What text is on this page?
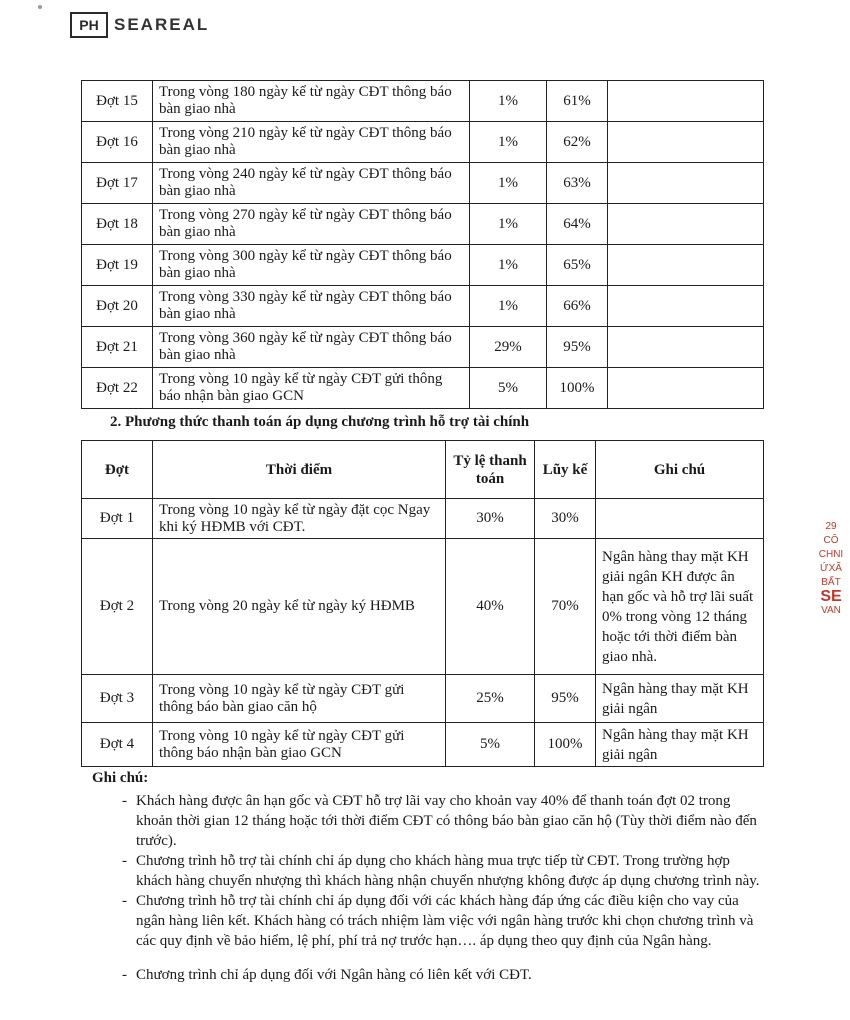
PH SEAREAL
Đợt 15	Trong vòng 180 ngày kể từ ngày CĐT thông báo bàn giao nhà	1%	61%	
Đợt 16	Trong vòng 210 ngày kể từ ngày CĐT thông báo bàn giao nhà	1%	62%	
Đợt 17	Trong vòng 240 ngày kể từ ngày CĐT thông báo bàn giao nhà	1%	63%	
Đợt 18	Trong vòng 270 ngày kể từ ngày CĐT thông báo bàn giao nhà	1%	64%	
Đợt 19	Trong vòng 300 ngày kể từ ngày CĐT thông báo bàn giao nhà	1%	65%	
Đợt 20	Trong vòng 330 ngày kể từ ngày CĐT thông báo bàn giao nhà	1%	66%	
Đợt 21	Trong vòng 360 ngày kể từ ngày CĐT thông báo bàn giao nhà	29%	95%	
Đợt 22	Trong vòng 10 ngày kể từ ngày CĐT gửi thông báo nhận bàn giao GCN	5%	100%	
2. Phương thức thanh toán áp dụng chương trình hỗ trợ tài chính
Đợt	Thời điểm	Tỷ lệ thanh toán	Lũy kế	Ghi chú
Đợt 1	Trong vòng 10 ngày kể từ ngày đặt cọc Ngay khi ký HĐMB với CĐT.	30%	30%	
Đợt 2	Trong vòng 20 ngày kể từ ngày ký HĐMB	40%	70%	Ngân hàng thay mặt KH giải ngân KH được ân hạn gốc và hỗ trợ lãi suất 0% trong vòng 12 tháng hoặc tới thời điểm bàn giao nhà.
Đợt 3	Trong vòng 10 ngày kể từ ngày CĐT gửi thông báo bàn giao căn hộ	25%	95%	Ngân hàng thay mặt KH giải ngân
Đợt 4	Trong vòng 10 ngày kể từ ngày CĐT gửi thông báo nhận bàn giao GCN	5%	100%	Ngân hàng thay mặt KH giải ngân
Ghi chú:
- Khách hàng được ân hạn gốc và CĐT hỗ trợ lãi vay cho khoản vay 40% để thanh toán đợt 02 trong khoản thời gian 12 tháng hoặc tới thời điểm CĐT có thông báo bàn giao căn hộ (Tùy thời điểm nào đến trước).
- Chương trình hỗ trợ tài chính chỉ áp dụng cho khách hàng mua trực tiếp từ CĐT. Trong trường hợp khách hàng chuyển nhượng thì khách hàng nhận chuyển nhượng không được áp dụng chương trình này.
- Chương trình hỗ trợ tài chính chỉ áp dụng đối với các khách hàng đáp ứng các điều kiện cho vay của ngân hàng liên kết. Khách hàng có trách nhiệm làm việc với ngân hàng trước khi chọn chương trình và các quy định về bảo hiểm, lệ phí, phí trả nợ trước hạn…. áp dụng theo quy định của Ngân hàng.
- Chương trình chỉ áp dụng đối với Ngân hàng có liên kết với CĐT.
29
CÔ
CHNI
ỨXÃ
BẤT
SE
VAN
